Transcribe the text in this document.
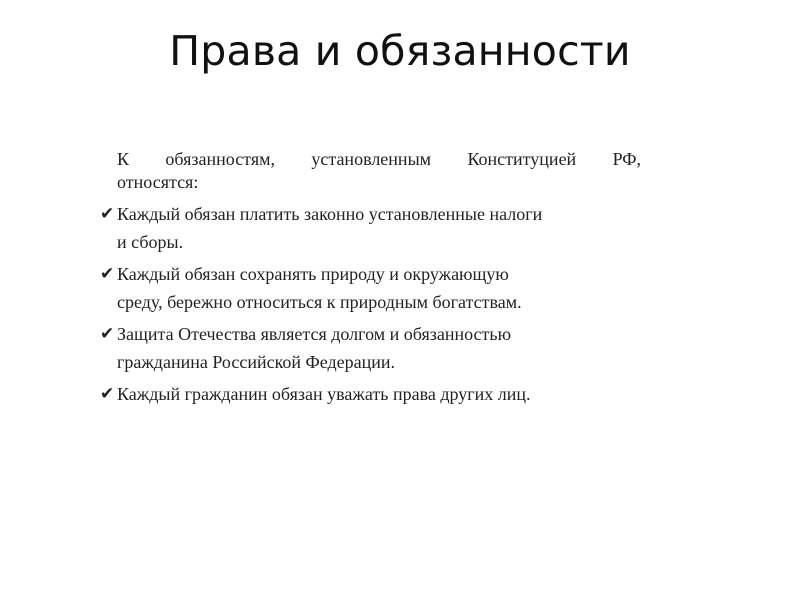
Права и обязанности

К обязанностям, установленным Конституцией РФ,
относятся:

✔ Каждый обязан платить законно установленные налоги
и сборы.
✔ Каждый обязан сохранять природу и окружающую
среду, бережно относиться к природным богатствам.
✔ Защита Отечества является долгом и обязанностью
гражданина Российской Федерации.
✔ Каждый гражданин обязан уважать права других лиц.
